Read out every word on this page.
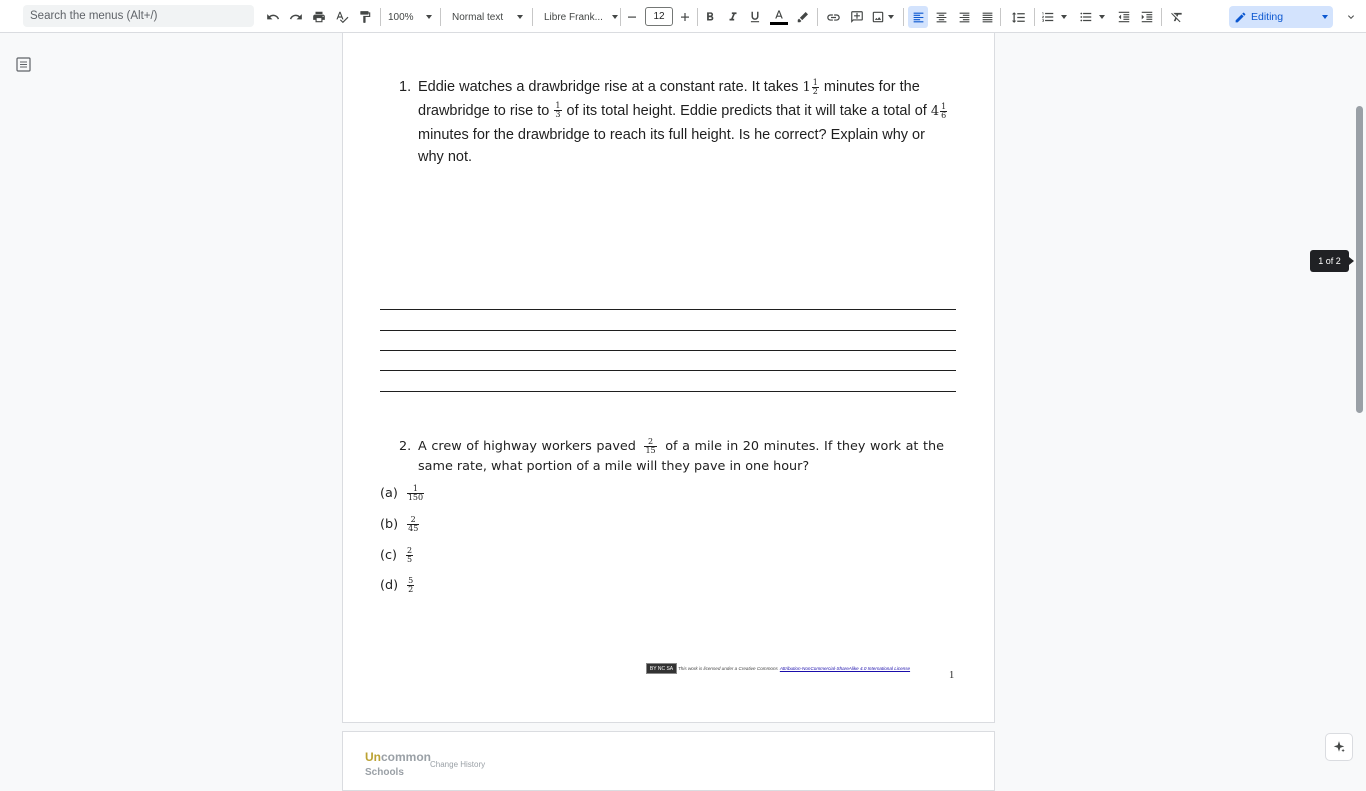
Search the menus (Alt+/)	100%	Normal text	Libre Frank...	12	Editing
1. Eddie watches a drawbridge rise at a constant rate. It takes $1 \frac{1}{2}$ minutes for the drawbridge to rise to $\frac{1}{3}$ of its total height. Eddie predicts that it will take a total of $4 \frac{1}{6}$
minutes for the drawbridge to reach its full height. Is he correct? Explain why or why not.
2. A crew of highway workers paved $\frac{2}{15}$ of a mile in 20 minutes. If they work at the same rate, what portion of a mile will they pave in one hour?
$(a) \frac{1}{150}$
$(b) \frac{2}{45}$
$(c) \frac{2}{5}$
$(d) \frac{5}{2}$
BY NC SA	This work is licensed under a Creative Commons Attribution-NonCommercial-ShareAlike 4.0 International License
1
Uncommon
Schools
Change History
1 of 2
